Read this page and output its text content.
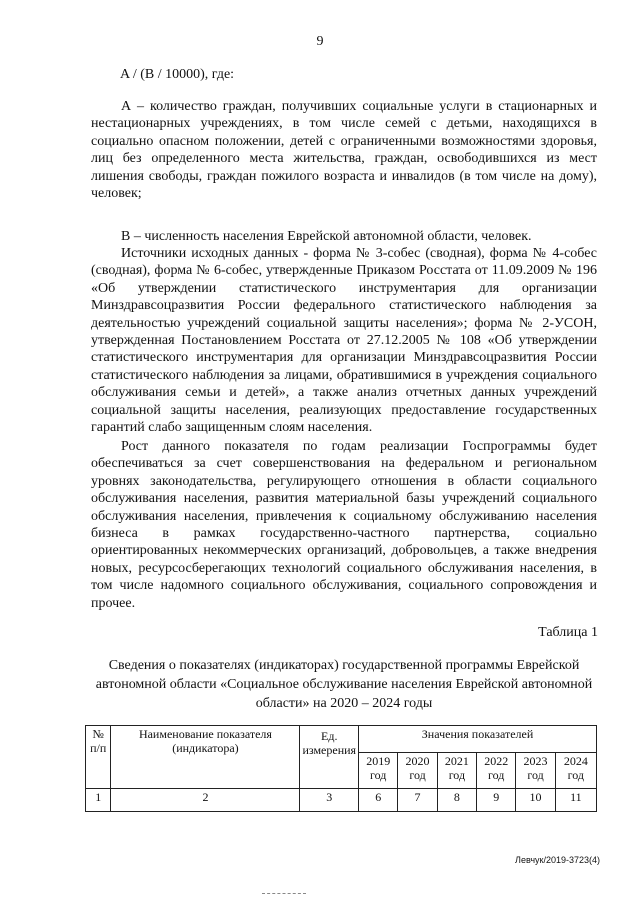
9
A / (B / 10000), где:

А – количество граждан, получивших социальные услуги в стационарных и нестационарных учреждениях, в том числе семей с детьми, находящихся в социально опасном положении, детей с ограниченными возможностями здоровья, лиц без определенного места жительства, граждан, освободившихся из мест лишения свободы, граждан пожилого возраста и инвалидов (в том числе на дому), человек;

В – численность населения Еврейской автономной области, человек.

Источники исходных данных - форма № 3-собес (сводная), форма № 4-собес (сводная), форма № 6-собес, утвержденные Приказом Росстата от 11.09.2009 № 196 «Об утверждении статистического инструментария для организации Минздравсоцразвития России федерального статистического наблюдения за деятельностью учреждений социальной защиты населения»; форма № 2-УСОН, утвержденная Постановлением Росстата от 27.12.2005 № 108 «Об утверждении статистического инструментария для организации Минздравсоцразвития России статистического наблюдения за лицами, обратившимися в учреждения социального обслуживания семьи и детей», а также анализ отчетных данных учреждений социальной защиты населения, реализующих предоставление государственных гарантий слабо защищенным слоям населения.

Рост данного показателя по годам реализации Госпрограммы будет обеспечиваться за счет совершенствования на федеральном и региональном уровнях законодательства, регулирующего отношения в области социального обслуживания населения, развития материальной базы учреждений социального обслуживания населения, привлечения к социальному обслуживанию населения бизнеса в рамках государственно-частного партнерства, социально ориентированных некоммерческих организаций, добровольцев, а также внедрения новых, ресурсосберегающих технологий социального обслуживания населения, в том числе надомного социального обслуживания, социального сопровождения и прочее.

Таблица 1
Сведения о показателях (индикаторах) государственной программы Еврейской автономной области «Социальное обслуживание населения Еврейской автономной области» на 2020 – 2024 годы
№ п/п	Наименование показателя (индикатора)	Ед. измерения	Значения показателей					
			2019 год	2020 год	2021 год	2022 год	2023 год	2024 год
1	2	3	6	7	8	9	10	11
Левчук/2019-3723(4)
